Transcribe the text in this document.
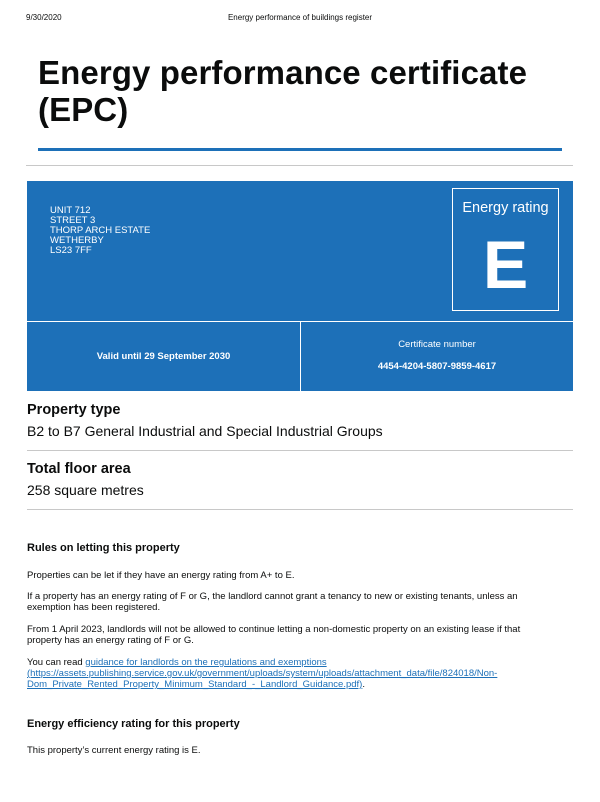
9/30/2020	Energy performance of buildings register
Energy performance certificate
(EPC)
UNIT 712
STREET 3
THORP ARCH ESTATE
WETHERBY
LS23 7FF
Energy rating
E
Valid until 29 September 2030
Certificate number
4454-4204-5807-9859-4617
Property type
B2 to B7 General Industrial and Special Industrial Groups
Total floor area
258 square metres
Rules on letting this property

Properties can be let if they have an energy rating from A+ to E.

If a property has an energy rating of F or G, the landlord cannot grant a tenancy to new or existing tenants, unless an exemption has been registered.

From 1 April 2023, landlords will not be allowed to continue letting a non-domestic property on an existing lease if that property has an energy rating of F or G.

You can read guidance for landlords on the regulations and exemptions
(https://assets.publishing.service.gov.uk/government/uploads/system/uploads/attachment_data/file/824018/Non-Dom_Private_Rented_Property_Minimum_Standard_-_Landlord_Guidance.pdf).

Energy efficiency rating for this property

This property’s current energy rating is E.
